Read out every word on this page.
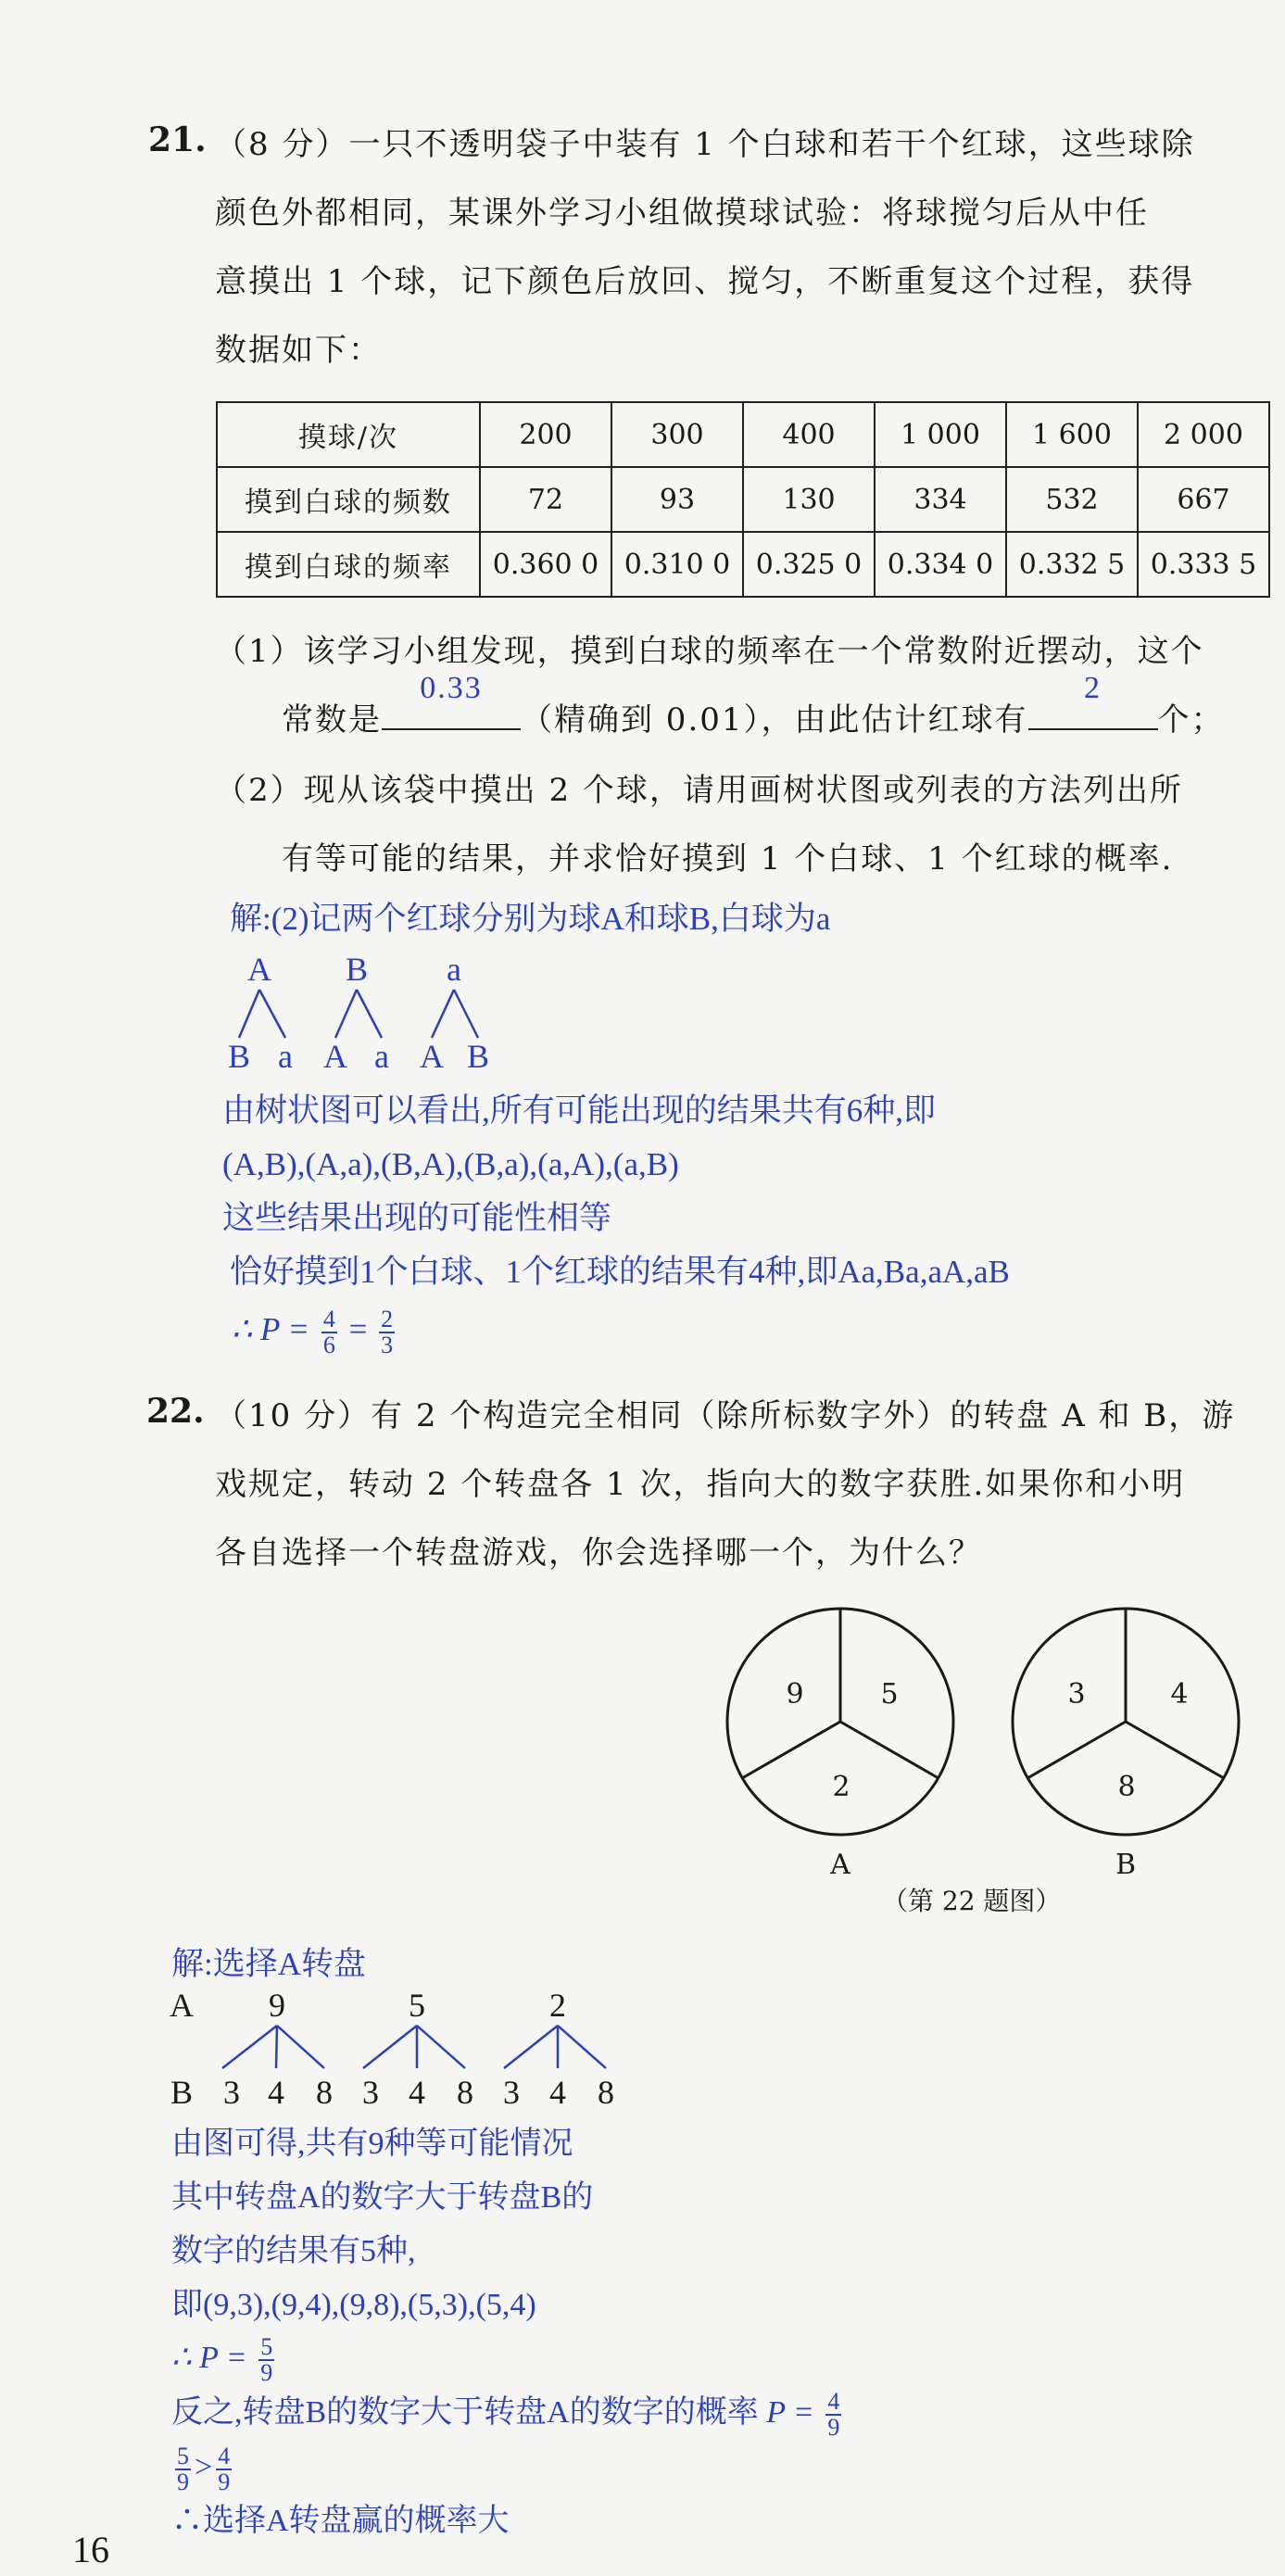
21. （8 分）一只不透明袋子中装有 1 个白球和若干个红球，这些球除
颜色外都相同，某课外学习小组做摸球试验：将球搅匀后从中任
意摸出 1 个球，记下颜色后放回、搅匀，不断重复这个过程，获得
数据如下：
摸球/次	200	300	400	1 000	1 600	2 000
摸到白球的频数	72	93	130	334	532	667
摸到白球的频率	0.360 0	0.310 0	0.325 0	0.334 0	0.332 5	0.333 5
（1）该学习小组发现，摸到白球的频率在一个常数附近摆动，这个
常数是
0.33
（精确到 0.01），由此估计红球有
2
个；
（2）现从该袋中摸出 2 个球，请用画树状图或列表的方法列出所
有等可能的结果，并求恰好摸到 1 个白球、1 个红球的概率.
解:(2)记两个红球分别为球A和球B,白球为a
A B a
B a A a A B
由树状图可以看出,所有可能出现的结果共有6种,即
(A,B),(A,a),(B,A),(B,a),(a,A),(a,B)
这些结果出现的可能性相等
恰好摸到1个白球、1个红球的结果有4种,即Aa,Ba,aA,aB
∴ $P = \frac{4}{6} = \frac{2}{3}$
22. （10 分）有 2 个构造完全相同（除所标数字外）的转盘 A 和 B，游
戏规定，转动 2 个转盘各 1 次，指向大的数字获胜.如果你和小明
各自选择一个转盘游戏，你会选择哪一个，为什么？
9	5
2
A
3	4
8
B
（第 22 题图）
解:选择A转盘
A 9	5	2
B 3 4 8 3 4 8 3 4 8
由图可得,共有9种等可能情况
其中转盘A的数字大于转盘B的
数字的结果有5种,
即(9,3),(9,4),(9,8),(5,3),(5,4)
∴ $P = \frac{5}{9}$
反之,转盘B的数字大于转盘A的数字的概率 $P = \frac{4}{9}$
$\frac{5}{9} > \frac{4}{9}$
∴选择A转盘赢的概率大
16
